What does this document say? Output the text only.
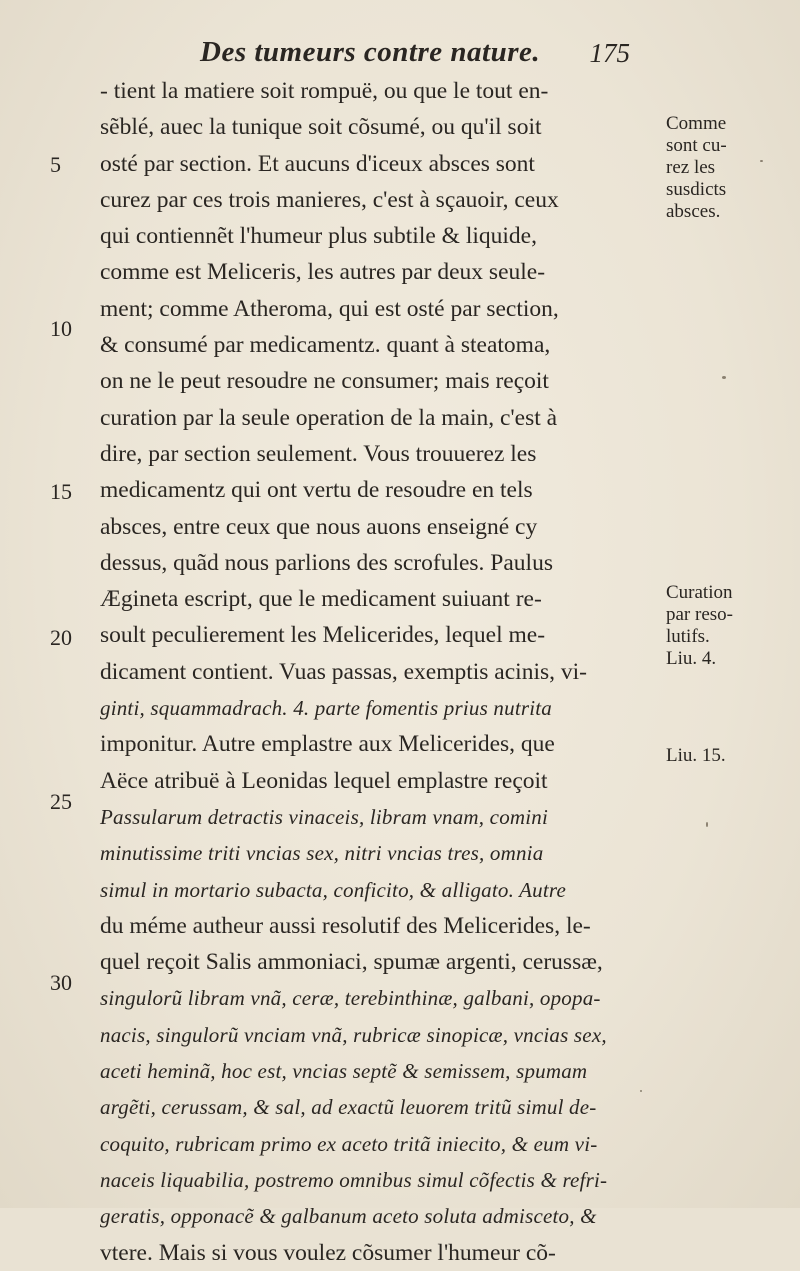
Des tumeurs contre nature. 175
- tient la matiere soit rompuë, ou que le tout en-
sẽblé, auec la tunique soit cõsumé, ou qu'il soit
osté par section. Et aucuns d'iceux absces sont
curez par ces trois manieres, c'est à sçauoir, ceux
qui contiennẽt l'humeur plus subtile & liquide,
comme est Meliceris, les autres par deux seule-
ment; comme Atheroma, qui est osté par section,
& consumé par medicamentz. quant à steatoma,
on ne le peut resoudre ne consumer; mais reçoit
curation par la seule operation de la main, c'est à
dire, par section seulement. Vous trouuerez les
medicamentz qui ont vertu de resoudre en tels
absces, entre ceux que nous auons enseigné cy
dessus, quãd nous parlions des scrofules. Paulus
Ægineta escript, que le medicament suiuant re-
soult peculierement les Melicerides, lequel me-
dicament contient. Vuas passas, exemptis acinis, vi-
ginti, squammadrach. 4. parte fomentis prius nutrita
imponitur. Autre emplastre aux Melicerides, que
Aëce atribuë à Leonidas lequel emplastre reçoit
Passularum detractis vinaceis, libram vnam, comini
minutissime triti vncias sex, nitri vncias tres, omnia
simul in mortario subacta, conficito, & alligato. Autre
du méme autheur aussi resolutif des Melicerides, le-
quel reçoit Salis ammoniaci, spumæ argenti, cerussæ,
singulorũ libram vnã, ceræ, terebinthinæ, galbani, opopa-
nacis, singulorũ vnciam vnã, rubricæ sinopicæ, vncias sex,
aceti heminã, hoc est, vncias septẽ & semissem, spumam
argẽti, cerussam, & sal, ad exactũ leuorem tritũ simul de-
coquito, rubricam primo ex aceto tritã iniecito, & eum vi-
naceis liquabilia, postremo omnibus simul cõfectis & refri-
geratis, opponacẽ & galbanum aceto soluta admisceto, &
vtere. Mais si vous voulez cõsumer l'humeur cõ-
5
10
15
20
25
30
Comme
sont cu-
rez les
susdicts
absces.
Curation
par reso-
lutifs.
Liu. 4.
Liu. 15.
